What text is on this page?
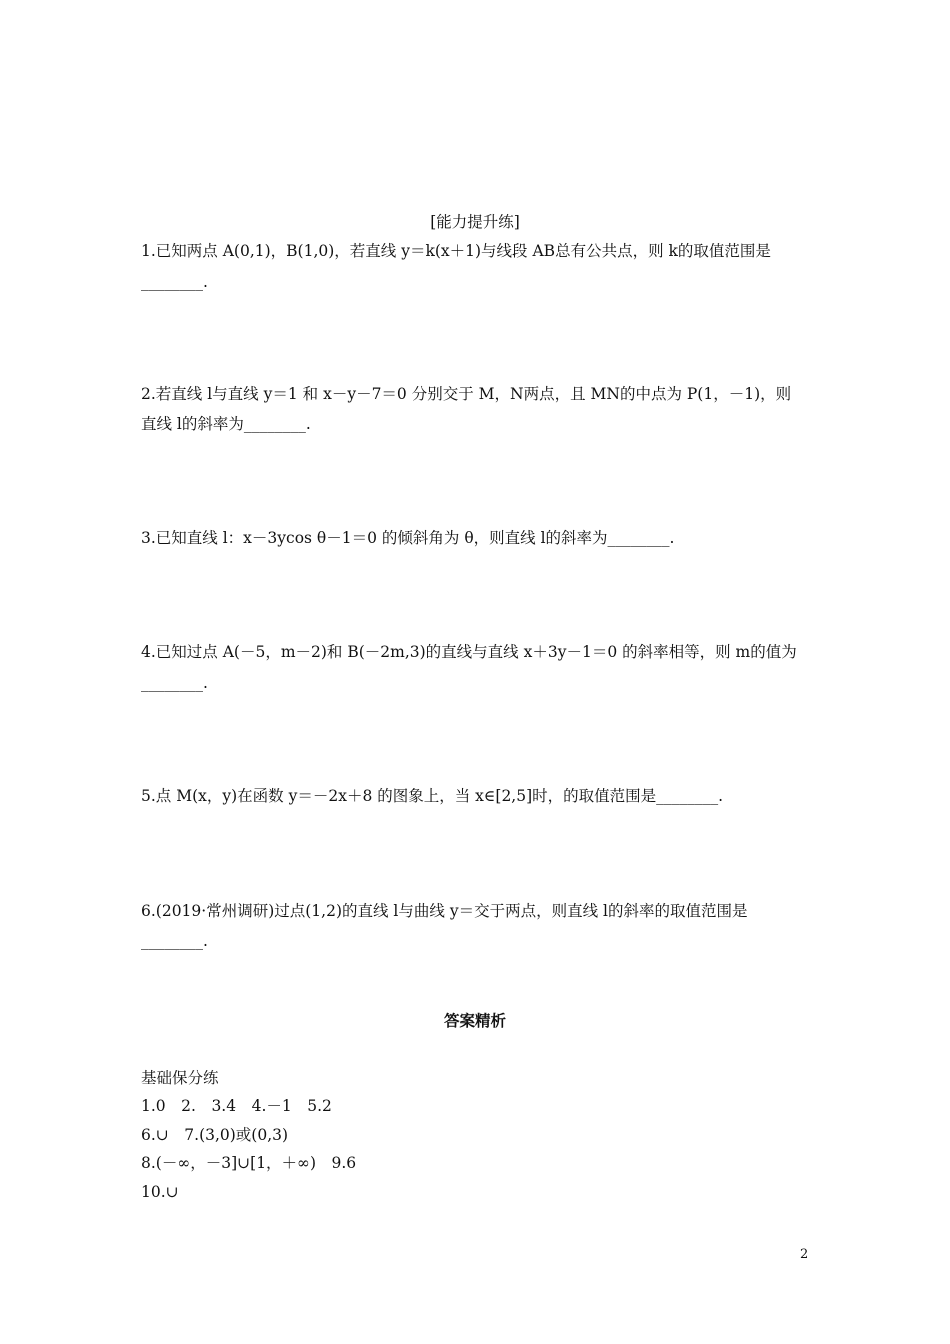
[能力提升练]
1.已知两点 A(0,1)，B(1,0)，若直线 y＝k(x＋1)与线段 AB总有公共点，则 k的取值范围是
________.
2.若直线 l与直线 y＝1 和 x－y－7＝0 分别交于 M，N两点，且 MN的中点为 P(1，－1)，则
直线 l的斜率为________.
3.已知直线 l：x－3ycos θ－1＝0 的倾斜角为 θ，则直线 l的斜率为________.
4.已知过点 A(－5，m－2)和 B(－2m,3)的直线与直线 x＋3y－1＝0 的斜率相等，则 m的值为
________.
5.点 M(x，y)在函数 y＝－2x＋8 的图象上，当 x∈[2,5]时，的取值范围是________.
6.(2019·常州调研)过点(1,2)的直线 l与曲线 y＝交于两点，则直线 l的斜率的取值范围是
________.
答案精析
基础保分练
1.0　2.　3.4　4.－1　5.2
6.∪　7.(3,0)或(0,3)
8.(－∞，－3]∪[1，＋∞)　9.6
10.∪
2
